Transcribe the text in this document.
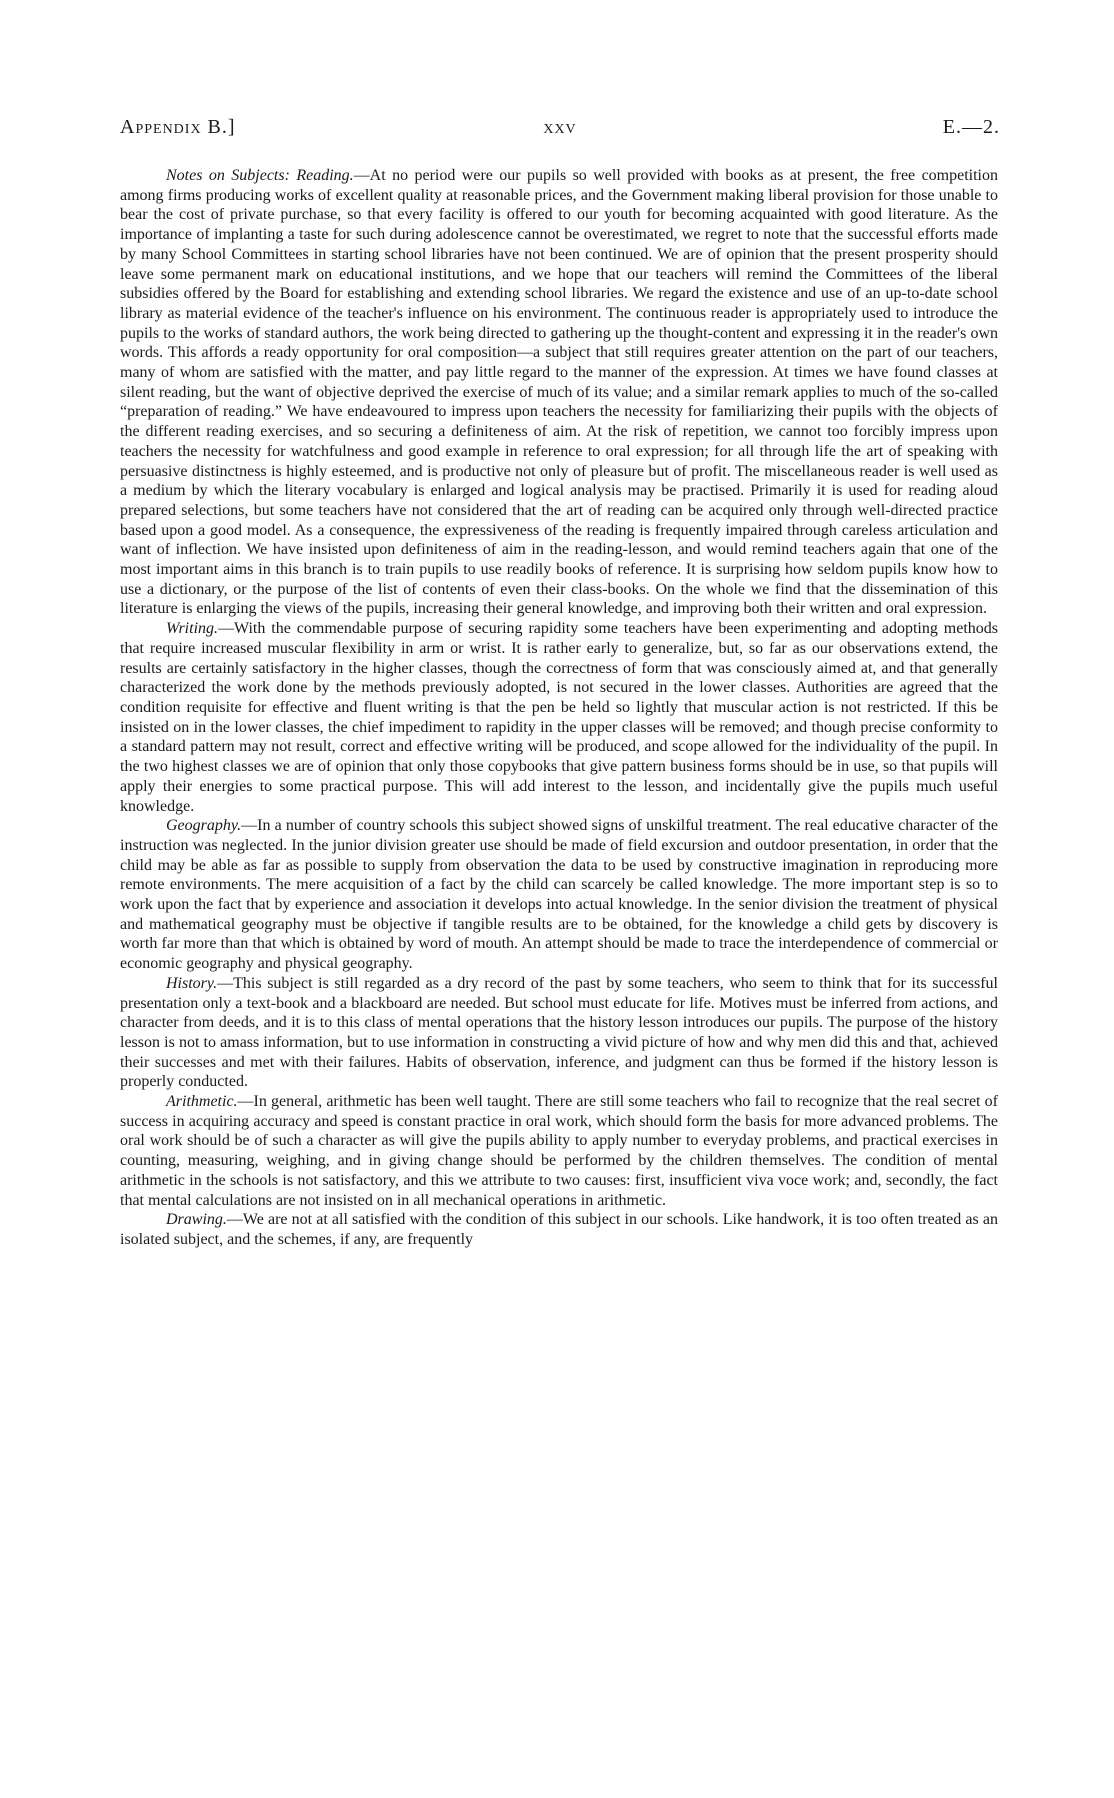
Appendix B.]	xxv	E.—2.

Notes on Subjects: Reading.—At no period were our pupils so well provided with books as at present, the free competition among firms producing works of excellent quality at reasonable prices, and the Government making liberal provision for those unable to bear the cost of private purchase, so that every facility is offered to our youth for becoming acquainted with good literature. As the importance of implanting a taste for such during adolescence cannot be overestimated, we regret to note that the successful efforts made by many School Committees in starting school libraries have not been continued. We are of opinion that the present prosperity should leave some permanent mark on educational institutions, and we hope that our teachers will remind the Committees of the liberal subsidies offered by the Board for establishing and extending school libraries. We regard the existence and use of an up-to-date school library as material evidence of the teacher's influence on his environment. The continuous reader is appropriately used to introduce the pupils to the works of standard authors, the work being directed to gathering up the thought-content and expressing it in the reader's own words. This affords a ready opportunity for oral composition—a subject that still requires greater attention on the part of our teachers, many of whom are satisfied with the matter, and pay little regard to the manner of the expression. At times we have found classes at silent reading, but the want of objective deprived the exercise of much of its value; and a similar remark applies to much of the so-called “preparation of reading.” We have endeavoured to impress upon teachers the necessity for familiarizing their pupils with the objects of the different reading exercises, and so securing a definiteness of aim. At the risk of repetition, we cannot too forcibly impress upon teachers the necessity for watchfulness and good example in reference to oral expression; for all through life the art of speaking with persuasive distinctness is highly esteemed, and is productive not only of pleasure but of profit. The miscellaneous reader is well used as a medium by which the literary vocabulary is enlarged and logical analysis may be practised. Primarily it is used for reading aloud prepared selections, but some teachers have not considered that the art of reading can be acquired only through well-directed practice based upon a good model. As a consequence, the expressiveness of the reading is frequently impaired through careless articulation and want of inflection. We have insisted upon definiteness of aim in the reading-lesson, and would remind teachers again that one of the most important aims in this branch is to train pupils to use readily books of reference. It is surprising how seldom pupils know how to use a dictionary, or the purpose of the list of contents of even their class-books. On the whole we find that the dissemination of this literature is enlarging the views of the pupils, increasing their general knowledge, and improving both their written and oral expression.

Writing.—With the commendable purpose of securing rapidity some teachers have been experimenting and adopting methods that require increased muscular flexibility in arm or wrist. It is rather early to generalize, but, so far as our observations extend, the results are certainly satisfactory in the higher classes, though the correctness of form that was consciously aimed at, and that generally characterized the work done by the methods previously adopted, is not secured in the lower classes. Authorities are agreed that the condition requisite for effective and fluent writing is that the pen be held so lightly that muscular action is not restricted. If this be insisted on in the lower classes, the chief impediment to rapidity in the upper classes will be removed; and though precise conformity to a standard pattern may not result, correct and effective writing will be produced, and scope allowed for the individuality of the pupil. In the two highest classes we are of opinion that only those copybooks that give pattern business forms should be in use, so that pupils will apply their energies to some practical purpose. This will add interest to the lesson, and incidentally give the pupils much useful knowledge.

Geography.—In a number of country schools this subject showed signs of unskilful treatment. The real educative character of the instruction was neglected. In the junior division greater use should be made of field excursion and outdoor presentation, in order that the child may be able as far as possible to supply from observation the data to be used by constructive imagination in reproducing more remote environments. The mere acquisition of a fact by the child can scarcely be called knowledge. The more important step is so to work upon the fact that by experience and association it develops into actual knowledge. In the senior division the treatment of physical and mathematical geography must be objective if tangible results are to be obtained, for the knowledge a child gets by discovery is worth far more than that which is obtained by word of mouth. An attempt should be made to trace the interdependence of commercial or economic geography and physical geography.

History.—This subject is still regarded as a dry record of the past by some teachers, who seem to think that for its successful presentation only a text-book and a blackboard are needed. But school must educate for life. Motives must be inferred from actions, and character from deeds, and it is to this class of mental operations that the history lesson introduces our pupils. The purpose of the history lesson is not to amass information, but to use information in constructing a vivid picture of how and why men did this and that, achieved their successes and met with their failures. Habits of observation, inference, and judgment can thus be formed if the history lesson is properly conducted.

Arithmetic.—In general, arithmetic has been well taught. There are still some teachers who fail to recognize that the real secret of success in acquiring accuracy and speed is constant practice in oral work, which should form the basis for more advanced problems. The oral work should be of such a character as will give the pupils ability to apply number to everyday problems, and practical exercises in counting, measuring, weighing, and in giving change should be performed by the children themselves. The condition of mental arithmetic in the schools is not satisfactory, and this we attribute to two causes: first, insufficient viva voce work; and, secondly, the fact that mental calculations are not insisted on in all mechanical operations in arithmetic.

Drawing.—We are not at all satisfied with the condition of this subject in our schools. Like handwork, it is too often treated as an isolated subject, and the schemes, if any, are frequently
